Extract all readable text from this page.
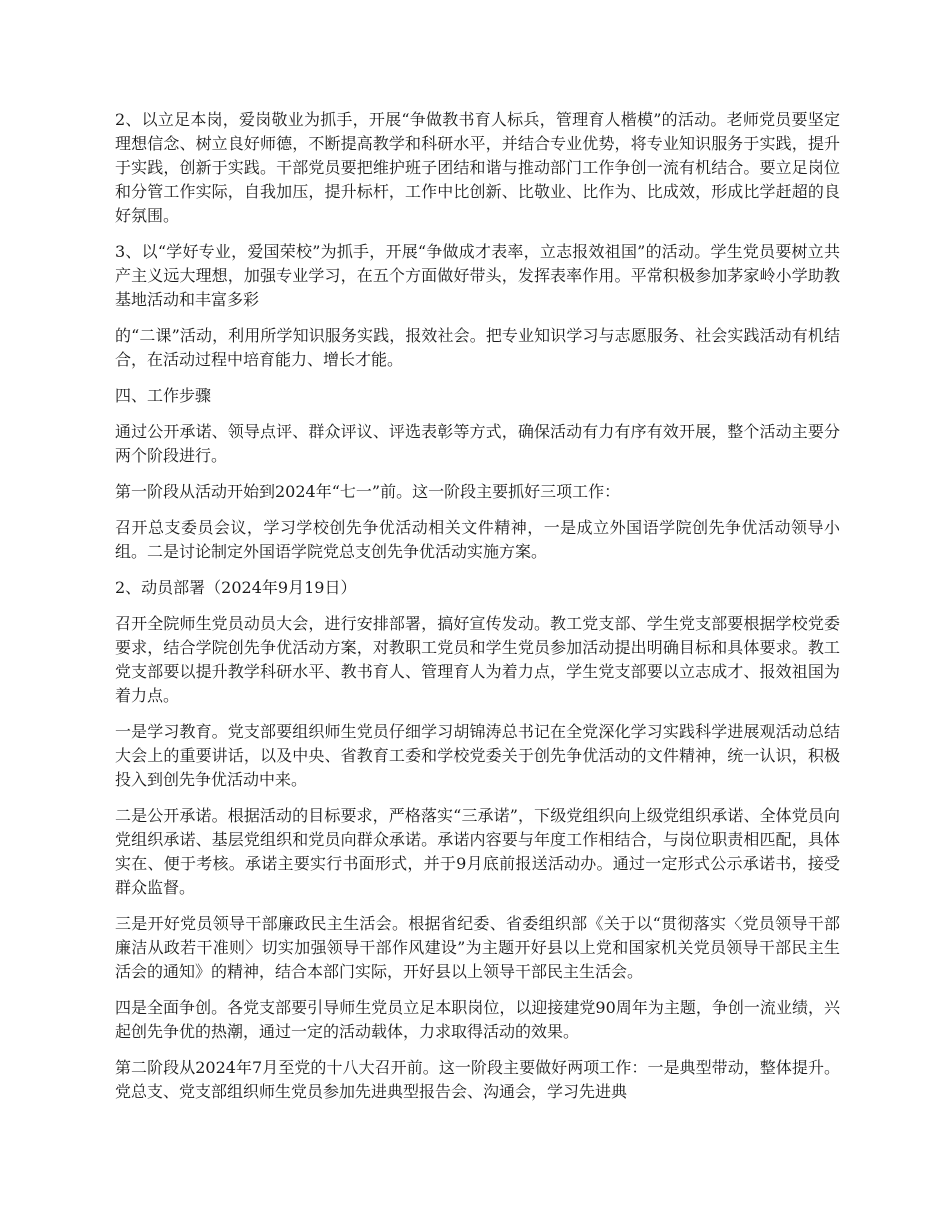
2、以立足本岗，爱岗敬业为抓手，开展“争做教书育人标兵，管理育人楷模”的活动。老师党员要坚定理想信念、树立良好师德，不断提高教学和科研水平，并结合专业优势，将专业知识服务于实践，提升于实践，创新于实践。干部党员要把维护班子团结和谐与推动部门工作争创一流有机结合。要立足岗位和分管工作实际，自我加压，提升标杆，工作中比创新、比敬业、比作为、比成效，形成比学赶超的良好氛围。

3、以“学好专业，爱国荣校”为抓手，开展“争做成才表率，立志报效祖国”的活动。学生党员要树立共产主义远大理想，加强专业学习，在五个方面做好带头，发挥表率作用。平常积极参加茅家岭小学助教基地活动和丰富多彩

的“二课”活动，利用所学知识服务实践，报效社会。把专业知识学习与志愿服务、社会实践活动有机结合，在活动过程中培育能力、增长才能。

四、工作步骤

通过公开承诺、领导点评、群众评议、评选表彰等方式，确保活动有力有序有效开展，整个活动主要分两个阶段进行。

第一阶段从活动开始到2024年“七一”前。这一阶段主要抓好三项工作：

召开总支委员会议，学习学校创先争优活动相关文件精神，一是成立外国语学院创先争优活动领导小组。二是讨论制定外国语学院党总支创先争优活动实施方案。

2、动员部署（2024年9月19日）

召开全院师生党员动员大会，进行安排部署，搞好宣传发动。教工党支部、学生党支部要根据学校党委要求，结合学院创先争优活动方案，对教职工党员和学生党员参加活动提出明确目标和具体要求。教工党支部要以提升教学科研水平、教书育人、管理育人为着力点，学生党支部要以立志成才、报效祖国为着力点。

一是学习教育。党支部要组织师生党员仔细学习胡锦涛总书记在全党深化学习实践科学进展观活动总结大会上的重要讲话，以及中央、省教育工委和学校党委关于创先争优活动的文件精神，统一认识，积极投入到创先争优活动中来。

二是公开承诺。根据活动的目标要求，严格落实“三承诺”，下级党组织向上级党组织承诺、全体党员向党组织承诺、基层党组织和党员向群众承诺。承诺内容要与年度工作相结合，与岗位职责相匹配，具体实在、便于考核。承诺主要实行书面形式，并于9月底前报送活动办。通过一定形式公示承诺书，接受群众监督。

三是开好党员领导干部廉政民主生活会。根据省纪委、省委组织部《关于以“贯彻落实〈党员领导干部廉洁从政若干准则〉切实加强领导干部作风建设”为主题开好县以上党和国家机关党员领导干部民主生活会的通知》的精神，结合本部门实际，开好县以上领导干部民主生活会。

四是全面争创。各党支部要引导师生党员立足本职岗位，以迎接建党90周年为主题，争创一流业绩，兴起创先争优的热潮，通过一定的活动载体，力求取得活动的效果。

第二阶段从2024年7月至党的十八大召开前。这一阶段主要做好两项工作：一是典型带动，整体提升。党总支、党支部组织师生党员参加先进典型报告会、沟通会，学习先进典
